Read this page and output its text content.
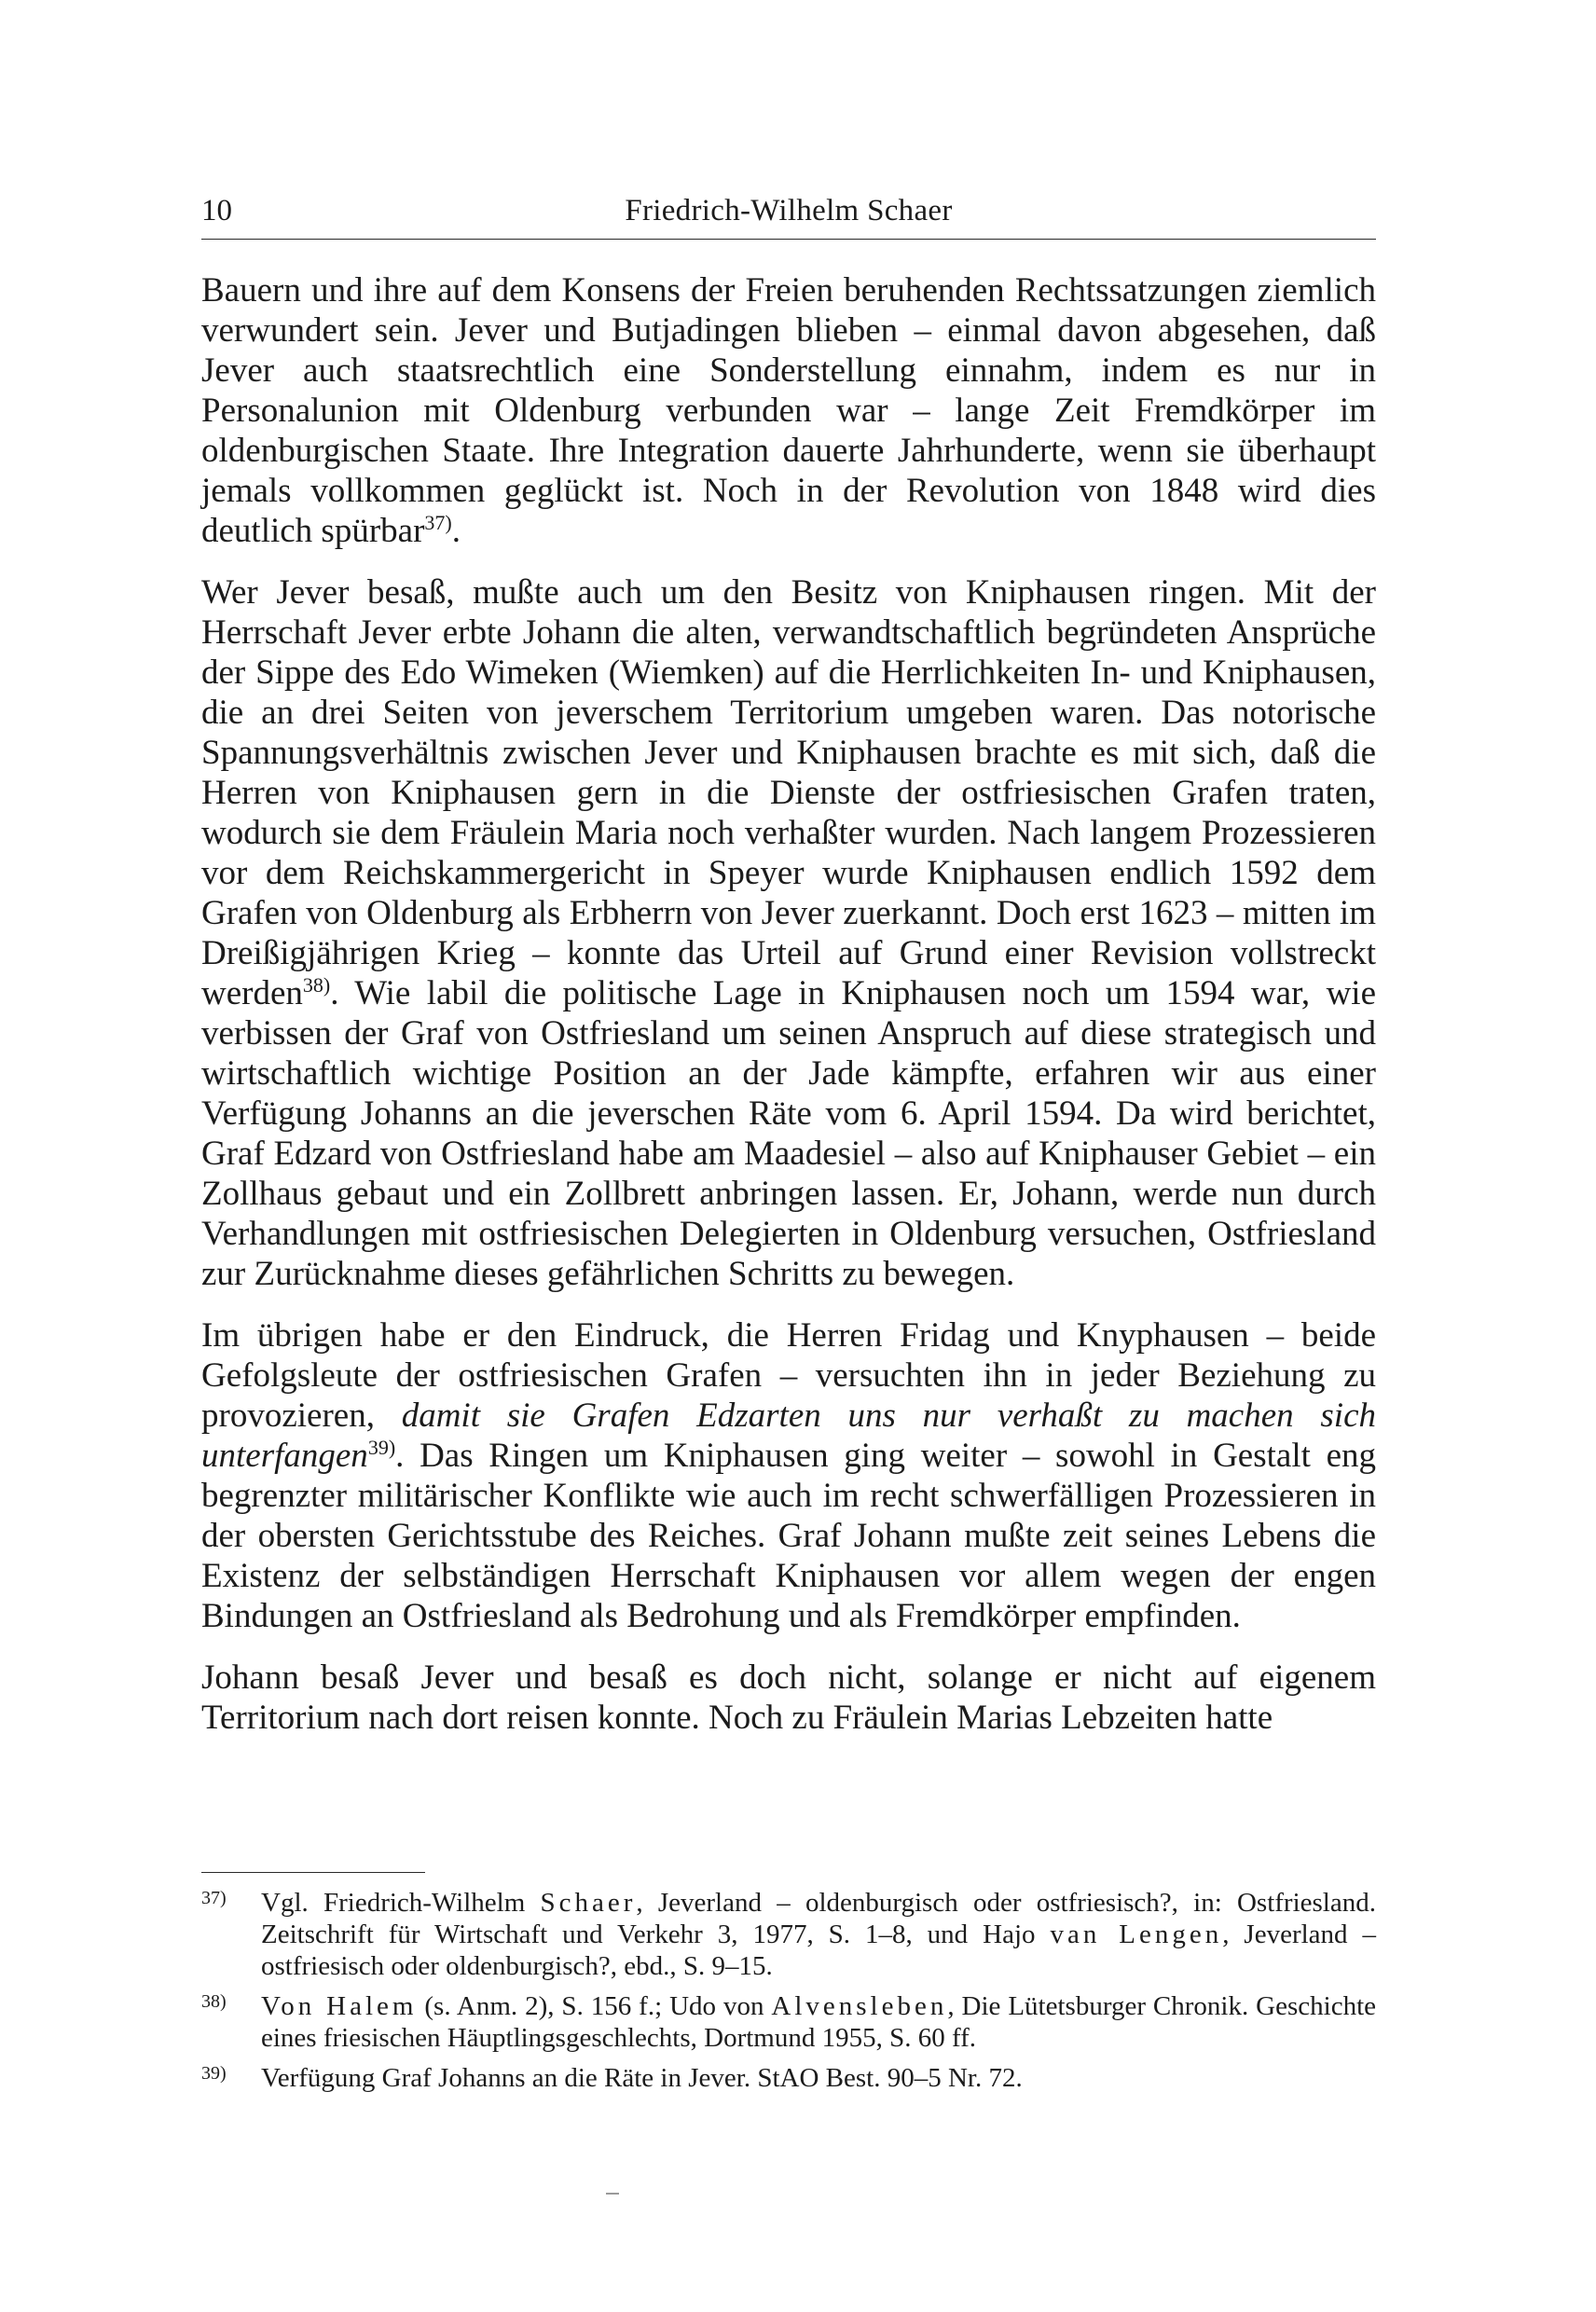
10	Friedrich-Wilhelm Schaer

Bauern und ihre auf dem Konsens der Freien beruhenden Rechtssatzungen ziemlich verwundert sein. Jever und Butjadingen blieben – einmal davon abgesehen, daß Jever auch staatsrechtlich eine Sonderstellung einnahm, indem es nur in Personalunion mit Oldenburg verbunden war – lange Zeit Fremdkörper im oldenburgischen Staate. Ihre Integration dauerte Jahrhunderte, wenn sie überhaupt jemals vollkommen geglückt ist. Noch in der Revolution von 1848 wird dies deutlich spürbar$^{37)}$.

Wer Jever besaß, mußte auch um den Besitz von Kniphausen ringen. Mit der Herrschaft Jever erbte Johann die alten, verwandtschaftlich begründeten Ansprüche der Sippe des Edo Wimeken (Wiemken) auf die Herrlichkeiten In- und Kniphausen, die an drei Seiten von jeverschem Territorium umgeben waren. Das notorische Spannungsverhältnis zwischen Jever und Kniphausen brachte es mit sich, daß die Herren von Kniphausen gern in die Dienste der ostfriesischen Grafen traten, wodurch sie dem Fräulein Maria noch verhaßter wurden. Nach langem Prozessieren vor dem Reichskammergericht in Speyer wurde Kniphausen endlich 1592 dem Grafen von Oldenburg als Erbherrn von Jever zuerkannt. Doch erst 1623 – mitten im Dreißigjährigen Krieg – konnte das Urteil auf Grund einer Revision vollstreckt werden$^{38)}$. Wie labil die politische Lage in Kniphausen noch um 1594 war, wie verbissen der Graf von Ostfriesland um seinen Anspruch auf diese strategisch und wirtschaftlich wichtige Position an der Jade kämpfte, erfahren wir aus einer Verfügung Johanns an die jeverschen Räte vom 6. April 1594. Da wird berichtet, Graf Edzard von Ostfriesland habe am Maadesiel – also auf Kniphauser Gebiet – ein Zollhaus gebaut und ein Zollbrett anbringen lassen. Er, Johann, werde nun durch Verhandlungen mit ostfriesischen Delegierten in Oldenburg versuchen, Ostfriesland zur Zurücknahme dieses gefährlichen Schritts zu bewegen.

Im übrigen habe er den Eindruck, die Herren Fridag und Knyphausen – beide Gefolgsleute der ostfriesischen Grafen – versuchten ihn in jeder Beziehung zu provozieren, damit sie Grafen Edzarten uns nur verhaßt zu machen sich unterfangen$^{39)}$. Das Ringen um Kniphausen ging weiter – sowohl in Gestalt eng begrenzter militärischer Konflikte wie auch im recht schwerfälligen Prozessieren in der obersten Gerichtsstube des Reiches. Graf Johann mußte zeit seines Lebens die Existenz der selbständigen Herrschaft Kniphausen vor allem wegen der engen Bindungen an Ostfriesland als Bedrohung und als Fremdkörper empfinden.

Johann besaß Jever und besaß es doch nicht, solange er nicht auf eigenem Territorium nach dort reisen konnte. Noch zu Fräulein Marias Lebzeiten hatte

37) Vgl. Friedrich-Wilhelm Schaer, Jeverland – oldenburgisch oder ostfriesisch?, in: Ostfriesland. Zeitschrift für Wirtschaft und Verkehr 3, 1977, S. 1–8, und Hajo van Lengen, Jeverland – ostfriesisch oder oldenburgisch?, ebd., S. 9–15.

38) Von Halem (s. Anm. 2), S. 156 f.; Udo von Alvensleben, Die Lütetsburger Chronik. Geschichte eines friesischen Häuptlingsgeschlechts, Dortmund 1955, S. 60 ff.

39) Verfügung Graf Johanns an die Räte in Jever. StAO Best. 90–5 Nr. 72.
